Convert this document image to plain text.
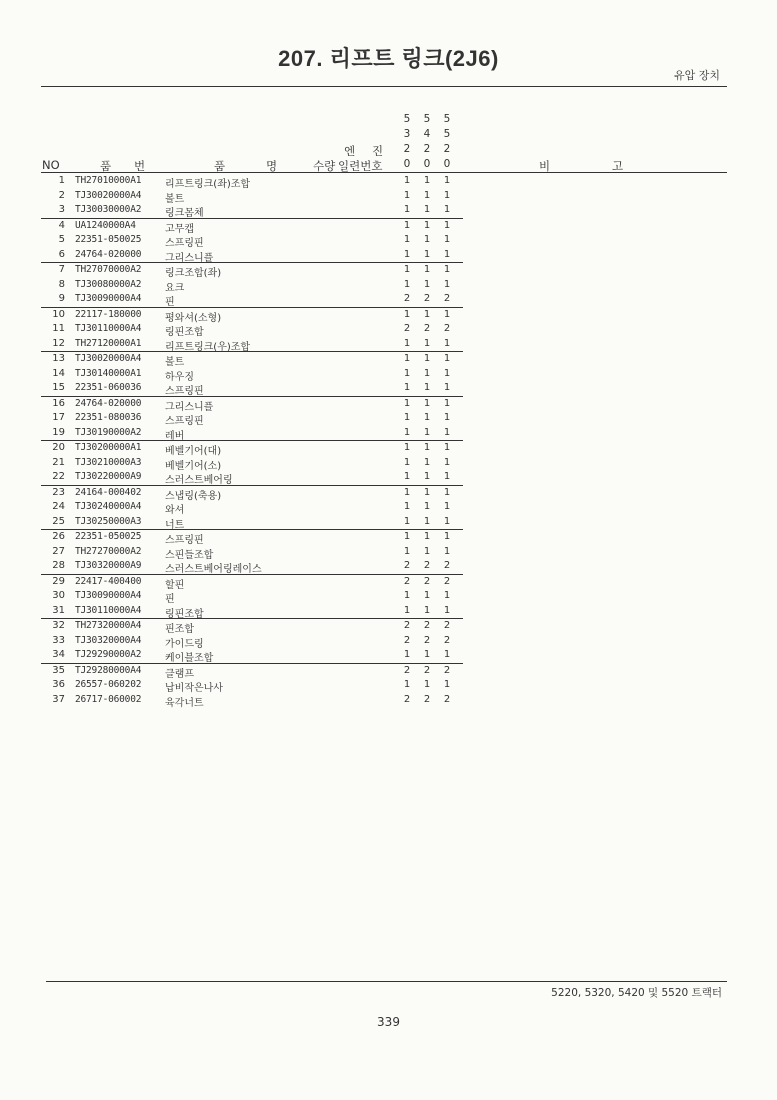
207. 리프트 링크(2J6)
유압 장치
5
3
2
0
5
4
2
0
5
5
2
0
엔 진
NO	품 번	품	명	수량 일련번호	비	고
1 TH27010000A1 리프트링크(좌)조합	1	1	1
2 TJ30020000A4 볼트	1	1	1
3 TJ30030000A2 링크몸체	1	1	1
4 UA1240000A4	고무캡	1	1	1
5 22351-050025 스프링핀	1	1	1
6 24764-020000 그리스니플	1	1	1
7 TH27070000A2 링크조합(좌)	1	1	1
8 TJ30080000A2 요크	1	1	1
9 TJ30090000A4 핀	2	2	2
10 22117-180000 평와셔(소형)	1	1	1
11 TJ30110000A4 링핀조합	2	2	2
12 TH27120000A1 리프트링크(우)조합	1	1	1
13 TJ30020000A4 볼트	1	1	1
14 TJ30140000A1 하우징	1	1	1
15 22351-060036 스프링핀	1	1	1
16 24764-020000 그리스니플	1	1	1
17 22351-080036 스프링핀	1	1	1
19 TJ30190000A2 레버	1	1	1
20 TJ30200000A1 베벨기어(대)	1	1	1
21 TJ30210000A3 베벨기어(소)	1	1	1
22 TJ30220000A9 스러스트베어링	1	1	1
23 24164-000402 스냅링(축용)	1	1	1
24 TJ30240000A4 와셔	1	1	1
25 TJ30250000A3 너트	1	1	1
26 22351-050025 스프링핀	1	1	1
27 TH27270000A2 스핀들조합	1	1	1
28 TJ30320000A9 스러스트베어링레이스	2	2	2
29 22417-400400 할핀	2	2	2
30 TJ30090000A4 핀	1	1	1
31 TJ30110000A4 링핀조합	1	1	1
32 TH27320000A4 핀조합	2	2	2
33 TJ30320000A4 가이드링	2	2	2
34 TJ29290000A2 케이블조합	1	1	1
35 TJ29280000A4 클램프	2	2	2
36 26557-060202 납비작은나사	1	1	1
37 26717-060002 육각너트	2	2	2
5220, 5320, 5420 및 5520 트랙터
339
